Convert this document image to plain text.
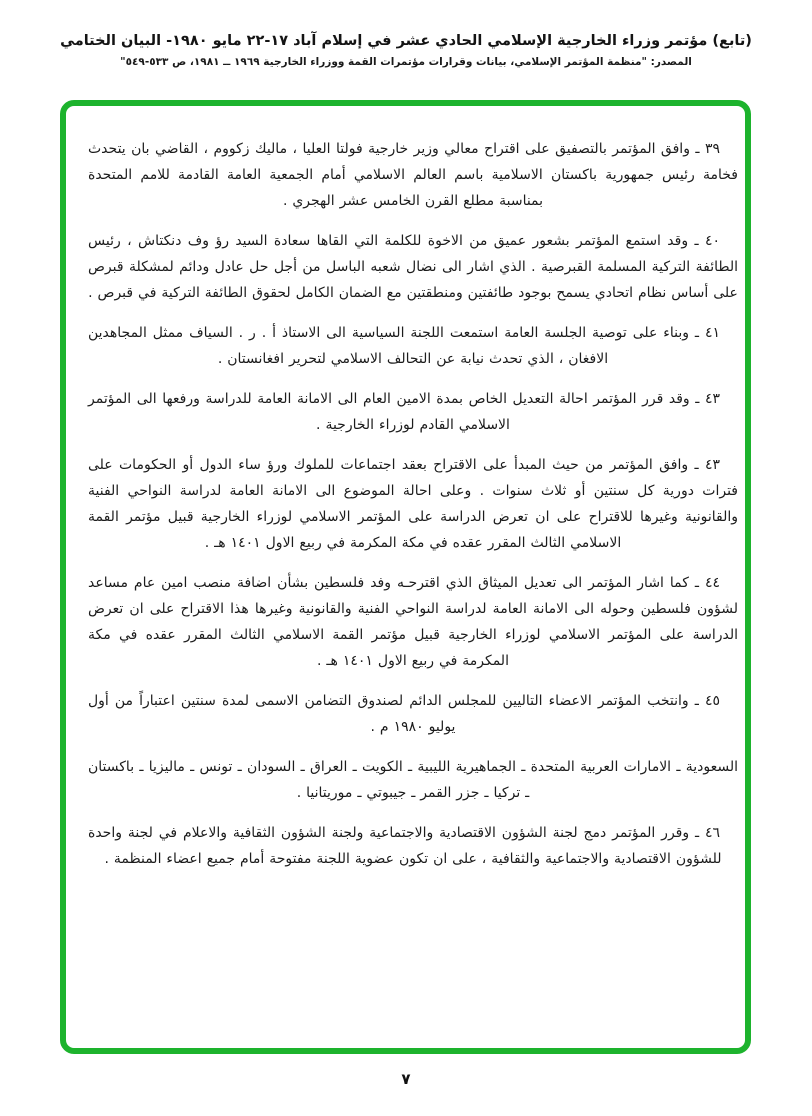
(تابع) مؤتمر وزراء الخارجية الإسلامي الحادي عشر في إسلام آباد ١٧-٢٢ مايو ١٩٨٠- البيان الختامي
المصدر: "منظمة المؤتمر الإسلامي، بيانات وقرارات مؤتمرات القمة ووزراء الخارجية ١٩٦٩ ــ ١٩٨١، ص ٥٣٣-٥٤٩"

٣٩ ـ وافق المؤتمر بالتصفيق على اقتراح معالي وزير خارجية فولتا العليا ، ماليك زكووم ، القاضي بان يتحدث فخامة رئيس جمهورية باكستان الاسلامية باسم العالم الاسلامي أمام الجمعية العامة القادمة للامم المتحدة بمناسبة مطلع القرن الخامس عشر الهجري .

٤٠ ـ وقد استمع المؤتمر بشعور عميق من الاخوة للكلمة التي القاها سعادة السيد رؤ وف دنكتاش ، رئيس الطائفة التركية المسلمة القبرصية . الذي اشار الى نضال شعبه الباسل من أجل حل عادل ودائم لمشكلة قبرص على أساس نظام اتحادي يسمح بوجود طائفتين ومنطقتين مع الضمان الكامل لحقوق الطائفة التركية في قبرص .

٤١ ـ وبناء على توصية الجلسة العامة استمعت اللجنة السياسية الى الاستاذ أ . ر . السياف ممثل المجاهدين الافغان ، الذي تحدث نيابة عن التحالف الاسلامي لتحرير افغانستان .

٤٣ ـ وقد قرر المؤتمر احالة التعديل الخاص بمدة الامين العام الى الامانة العامة للدراسة ورفعها الى المؤتمر الاسلامي القادم لوزراء الخارجية .

٤٣ ـ وافق المؤتمر من حيث المبدأ على الاقتراح بعقد اجتماعات للملوك ورؤ ساء الدول أو الحكومات على فترات دورية كل سنتين أو ثلاث سنوات . وعلى احالة الموضوع الى الامانة العامة لدراسة النواحي الفنية والقانونية وغيرها للاقتراح على ان تعرض الدراسة على المؤتمر الاسلامي لوزراء الخارجية قبيل مؤتمر القمة الاسلامي الثالث المقرر عقده في مكة المكرمة في ربيع الاول ١٤٠١ هـ .

٤٤ ـ كما اشار المؤتمر الى تعديل الميثاق الذي اقترحـه وفد فلسطين بشأن اضافة منصب امين عام مساعد لشؤون فلسطين وحوله الى الامانة العامة لدراسة النواحي الفنية والقانونية وغيرها هذا الاقتراح على ان تعرض الدراسة على المؤتمر الاسلامي لوزراء الخارجية قبيل مؤتمر القمة الاسلامي الثالث المقرر عقده في مكة المكرمة في ربيع الاول ١٤٠١ هـ .

٤٥ ـ وانتخب المؤتمر الاعضاء التاليين للمجلس الدائم لصندوق التضامن الاسمى لمدة سنتين اعتباراً من أول يوليو ١٩٨٠ م .

السعودية ـ الامارات العربية المتحدة ـ الجماهيرية الليبية ـ الكويت ـ العراق ـ السودان ـ تونس ـ ماليزيا ـ باكستان ـ تركيا ـ جزر القمر ـ جيبوتي ـ موريتانيا .

٤٦ ـ وقرر المؤتمر دمج لجنة الشؤون الاقتصادية والاجتماعية ولجنة الشؤون الثقافية والاعلام في لجنة واحدة للشؤون الاقتصادية والاجتماعية والثقافية ، على ان تكون عضوية اللجنة مفتوحة أمام جميع اعضاء المنظمة .

٧
